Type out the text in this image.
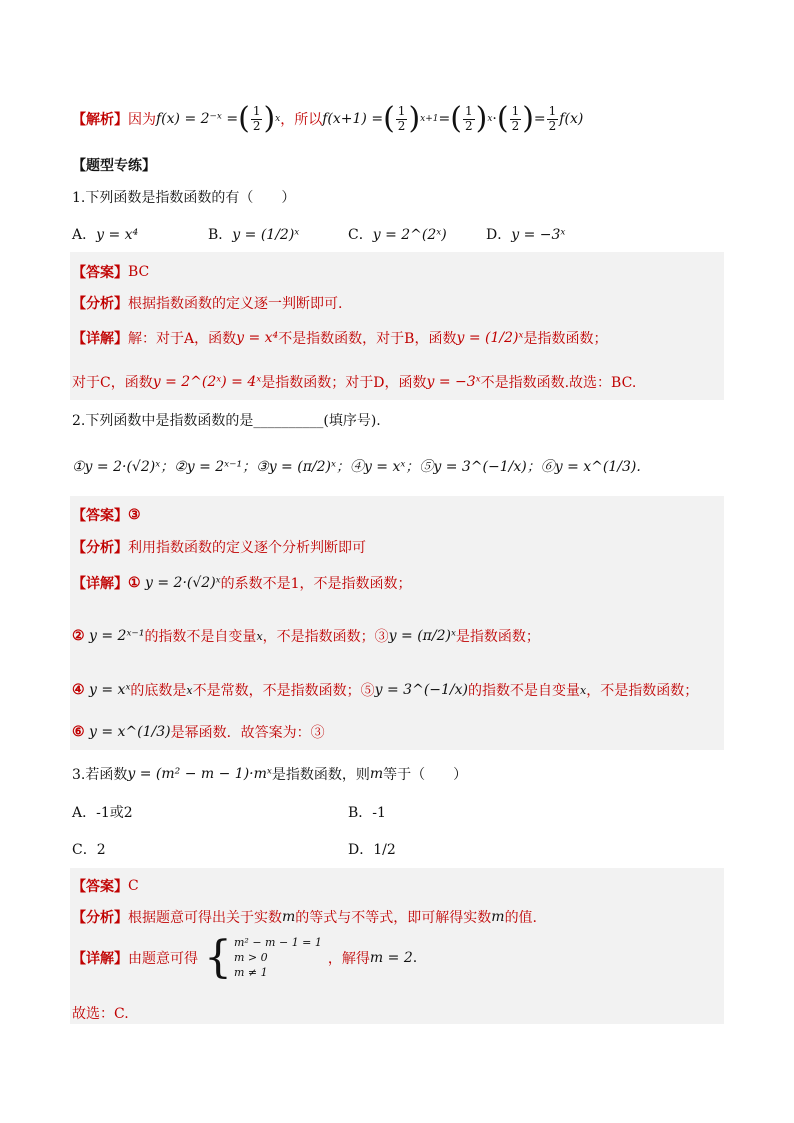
【解析】 因为 f(x) = 2⁻ˣ = ( $\frac{1}{2}$ ) x ，所以 f(x+1) = ( $\frac{1}{2}$ ) x+1 = ( $\frac{1}{2}$ ) x · ( $\frac{1}{2}$ ) = $\frac{1}{2} f(x)$
【题型专练】
1.下列函数是指数函数的有（　　）
A．y = x⁴	B．y = (1/2)ˣ	C．y = 2^(2ˣ)	D．y = −3ˣ
【答案】 BC
【分析】 根据指数函数的定义逐一判断即可.
【详解】 解：对于A，函数 y = x⁴ 不是指数函数，对于B，函数 y = (1/2)ˣ 是指数函数；
对于C，函数 y = 2^(2ˣ) = 4ˣ 是指数函数；对于D，函数 y = −3ˣ 不是指数函数.故选：BC.
2.下列函数中是指数函数的是__________(填序号).
①y = 2·(√2)ˣ；②y = 2ˣ⁻¹；③y = (π/2)ˣ；④y = xˣ；⑤y = 3^(−1/x)；⑥y = x^(1/3).
【答案】 ③
【分析】 利用指数函数的定义逐个分析判断即可
【详解】 ①
y = 2·(√2)ˣ 的系数不是1，不是指数函数；
②
y = 2ˣ⁻¹ 的指数不是自变量 x ，不是指数函数；③ y = (π/2)ˣ 是指数函数；
④
y = xˣ 的底数是 x 不是常数，不是指数函数；⑤ y = 3^(−1/x) 的指数不是自变量 x ，不是指数函数；
⑥
y = x^(1/3) 是幂函数．故答案为：③
3.若函数 y = (m² − m − 1)·mˣ 是指数函数，则 m 等于（　　）
A．-1或2	B．-1
C．2	D．1/2
【答案】 C
【分析】 根据题意可得出关于实数 m 的等式与不等式，即可解得实数 m 的值.
【详解】 由题意可得 { m² − m − 1 = 1
m > 0
m ≠ 1
，解得 m = 2 .
故选：C.
